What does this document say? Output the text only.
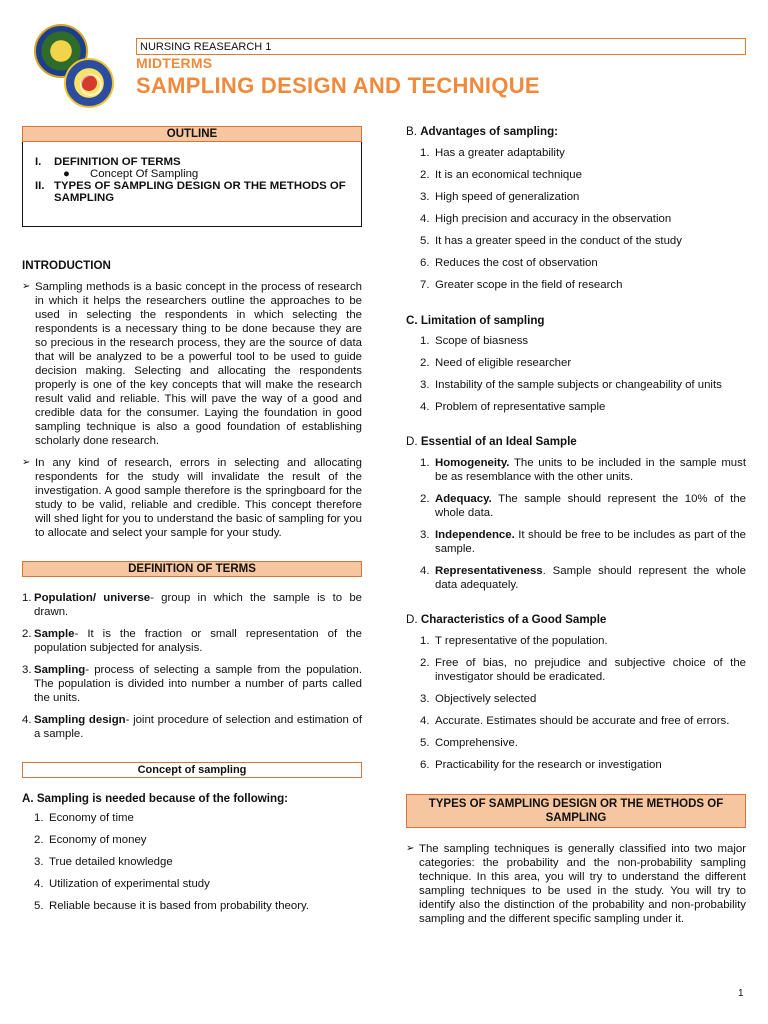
NURSING REASEARCH 1
MIDTERMS
SAMPLING DESIGN AND TECHNIQUE
OUTLINE
I.	DEFINITION OF TERMS
●	Concept Of Sampling
II. TYPES OF SAMPLING DESIGN OR THE METHODS OF SAMPLING
INTRODUCTION
➢ Sampling methods is a basic concept in the process of research in which it helps the researchers outline the approaches to be used in selecting the respondents in which selecting the respondents is a necessary thing to be done because they are so precious in the research process, they are the source of data that will be analyzed to be a powerful tool to be used to guide decision making. Selecting and allocating the respondents properly is one of the key concepts that will make the research result valid and reliable. This will pave the way of a good and credible data for the consumer. Laying the foundation in good sampling technique is also a good foundation of establishing scholarly done research.
➢ In any kind of research, errors in selecting and allocating respondents for the study will invalidate the result of the investigation. A good sample therefore is the springboard for the study to be valid, reliable and credible. This concept therefore will shed light for you to understand the basic of sampling for you to allocate and select your sample for your study.
DEFINITION OF TERMS
1. Population/ universe- group in which the sample is to be drawn.
2. Sample- It is the fraction or small representation of the population subjected for analysis.
3. Sampling- process of selecting a sample from the population. The population is divided into number a number of parts called the units.
4. Sampling design- joint procedure of selection and estimation of a sample.
Concept of sampling
A. Sampling is needed because of the following:
1. Economy of time
2. Economy of money
3. True detailed knowledge
4. Utilization of experimental study
5. Reliable because it is based from probability theory.
B. Advantages of sampling:
1. Has a greater adaptability
2. It is an economical technique
3. High speed of generalization
4. High precision and accuracy in the observation
5. It has a greater speed in the conduct of the study
6. Reduces the cost of observation
7. Greater scope in the field of research
C. Limitation of sampling
1. Scope of biasness
2. Need of eligible researcher
3. Instability of the sample subjects or changeability of units
4. Problem of representative sample
D. Essential of an Ideal Sample
1. Homogeneity. The units to be included in the sample must be as resemblance with the other units.
2. Adequacy. The sample should represent the 10% of the whole data.
3. Independence. It should be free to be includes as part of the sample.
4. Representativeness. Sample should represent the whole data adequately.
D. Characteristics of a Good Sample
1. T representative of the population.
2. Free of bias, no prejudice and subjective choice of the investigator should be eradicated.
3. Objectively selected
4. Accurate. Estimates should be accurate and free of errors.
5. Comprehensive.
6. Practicability for the research or investigation
TYPES OF SAMPLING DESIGN OR THE METHODS OF SAMPLING
➢ The sampling techniques is generally classified into two major categories: the probability and the non-probability sampling technique. In this area, you will try to understand the different sampling techniques to be used in the study. You will try to identify also the distinction of the probability and non-probability sampling and the different specific sampling under it.
1
